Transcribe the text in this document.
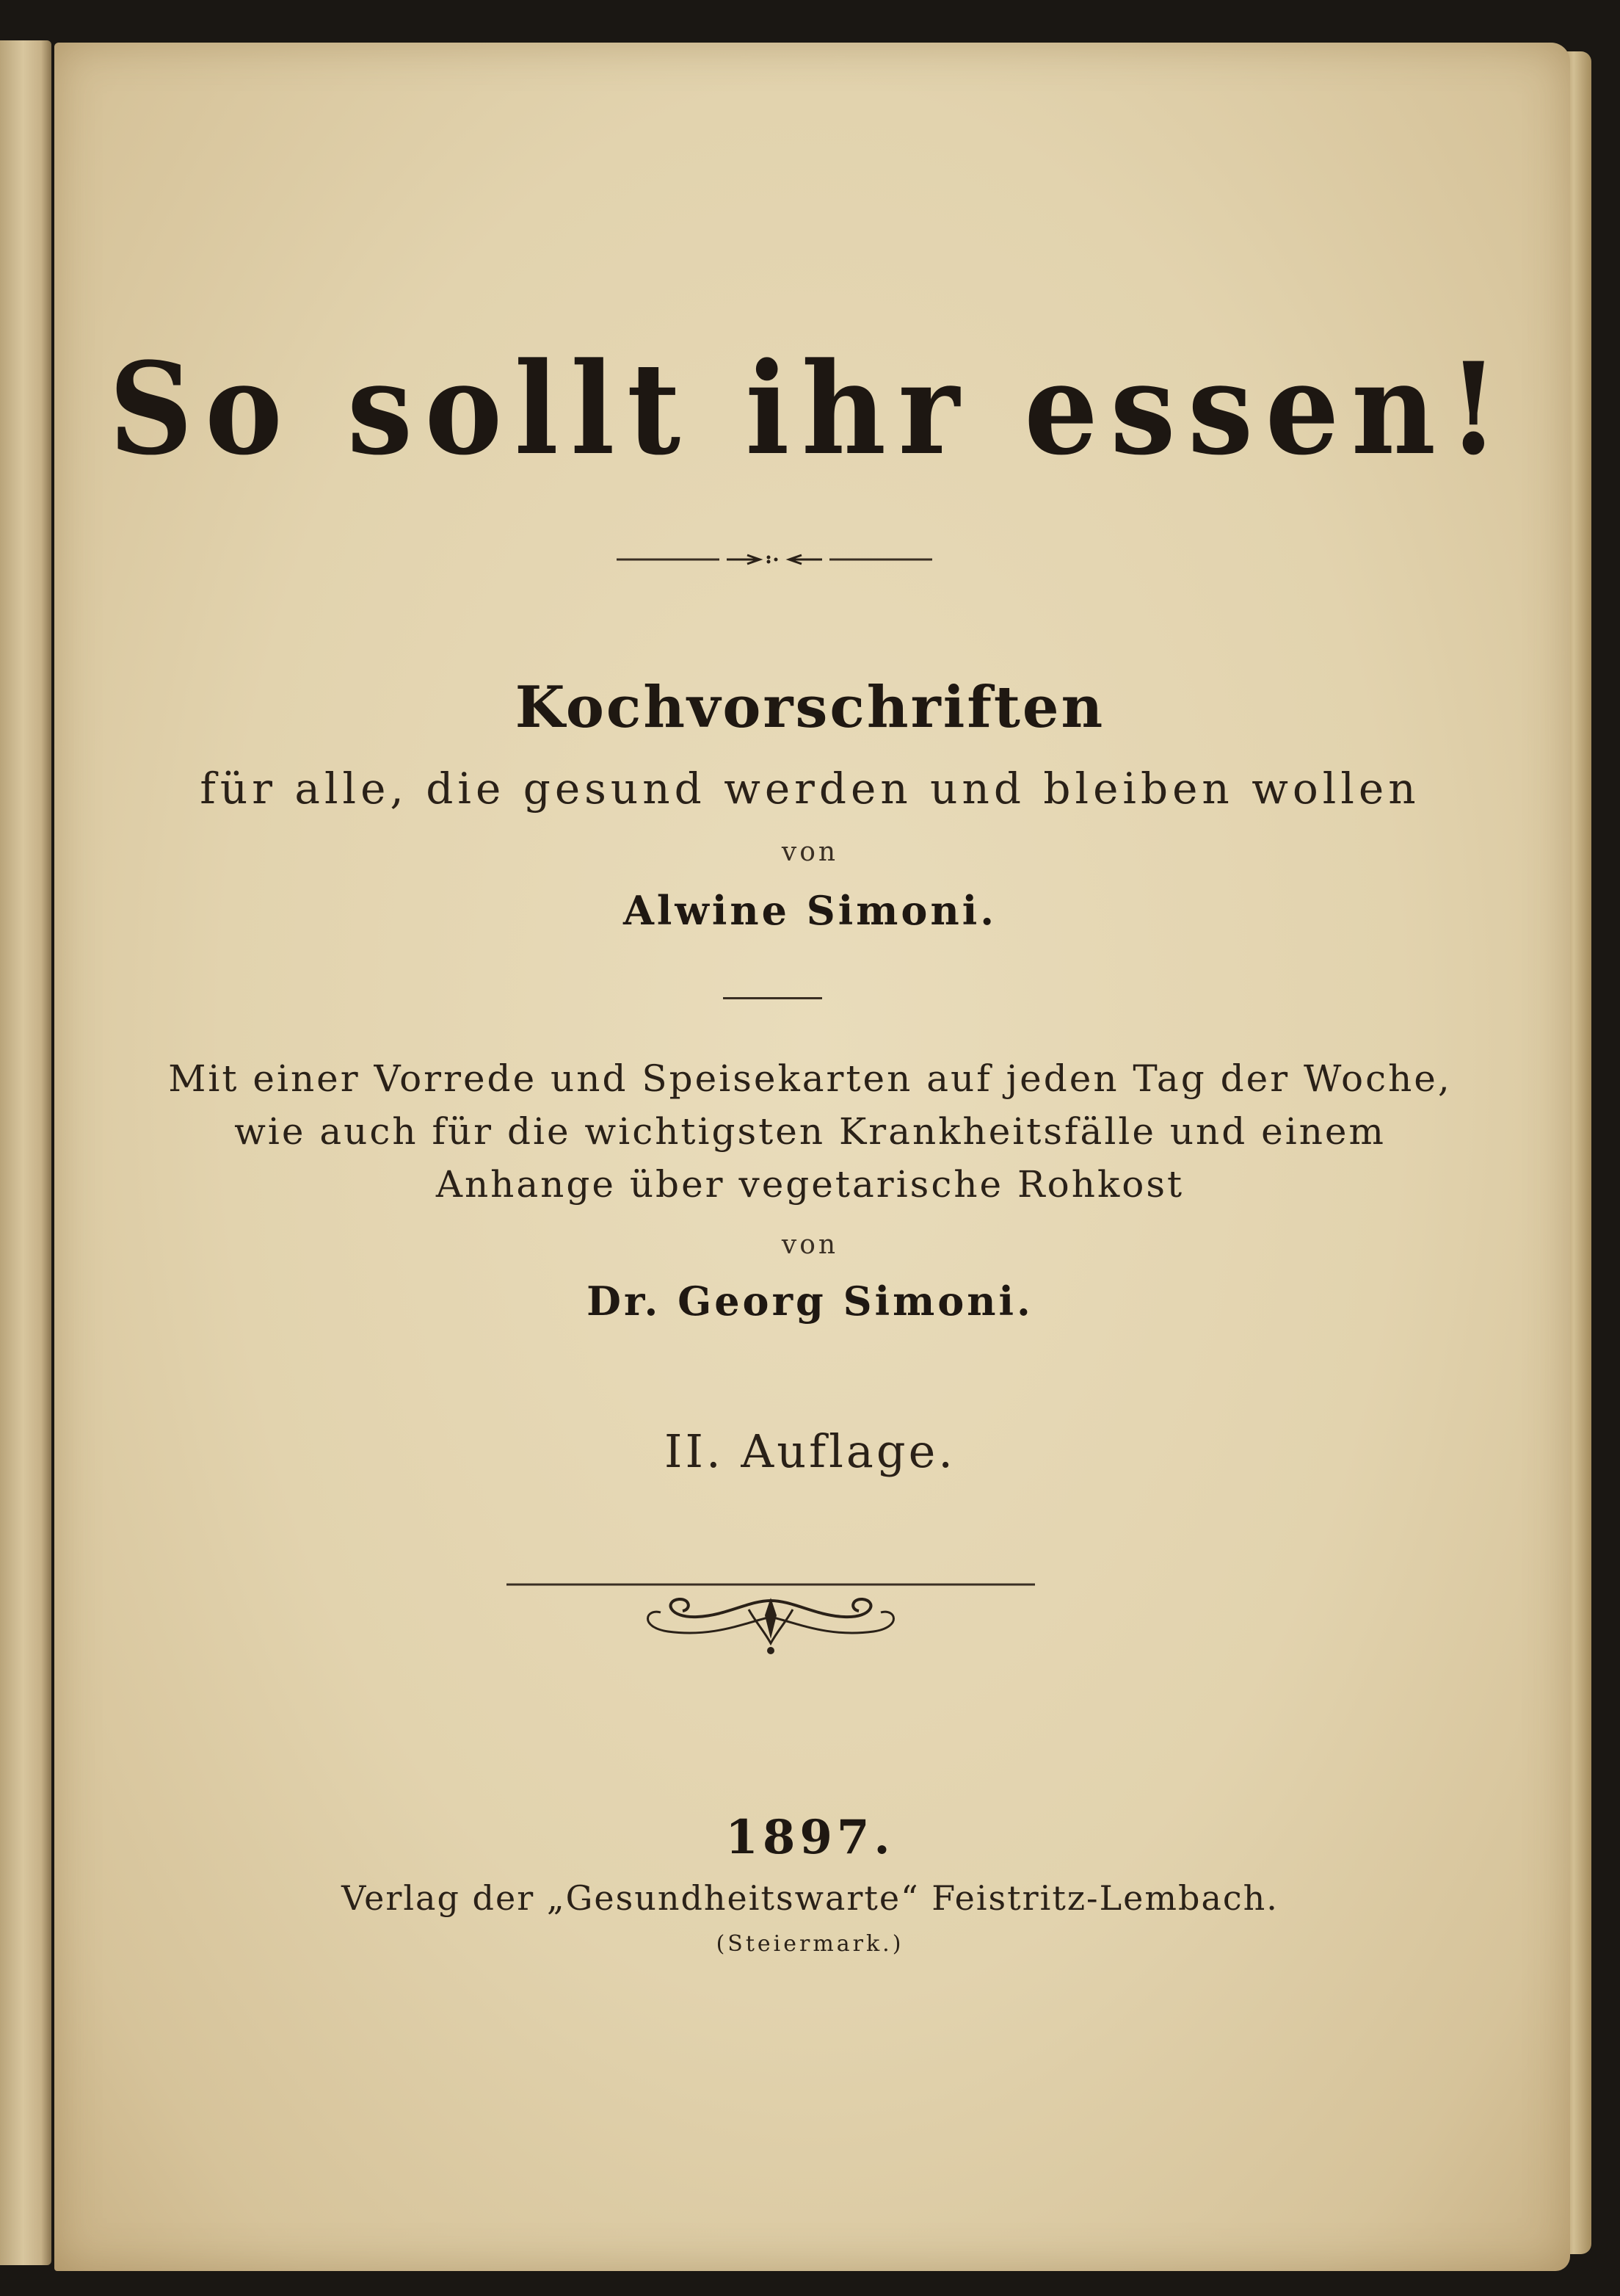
So sollt ihr essen!
Kochvorschriften
für alle, die gesund werden und bleiben wollen
von
Alwine Simoni.
Mit einer Vorrede und Speisekarten auf jeden Tag der Woche,
wie auch für die wichtigsten Krankheitsfälle und einem
Anhange über vegetarische Rohkost
von
Dr. Georg Simoni.
II. Auflage.
1897.
Verlag der „Gesundheitswarte“ Feistritz-Lembach.
(Steiermark.)
